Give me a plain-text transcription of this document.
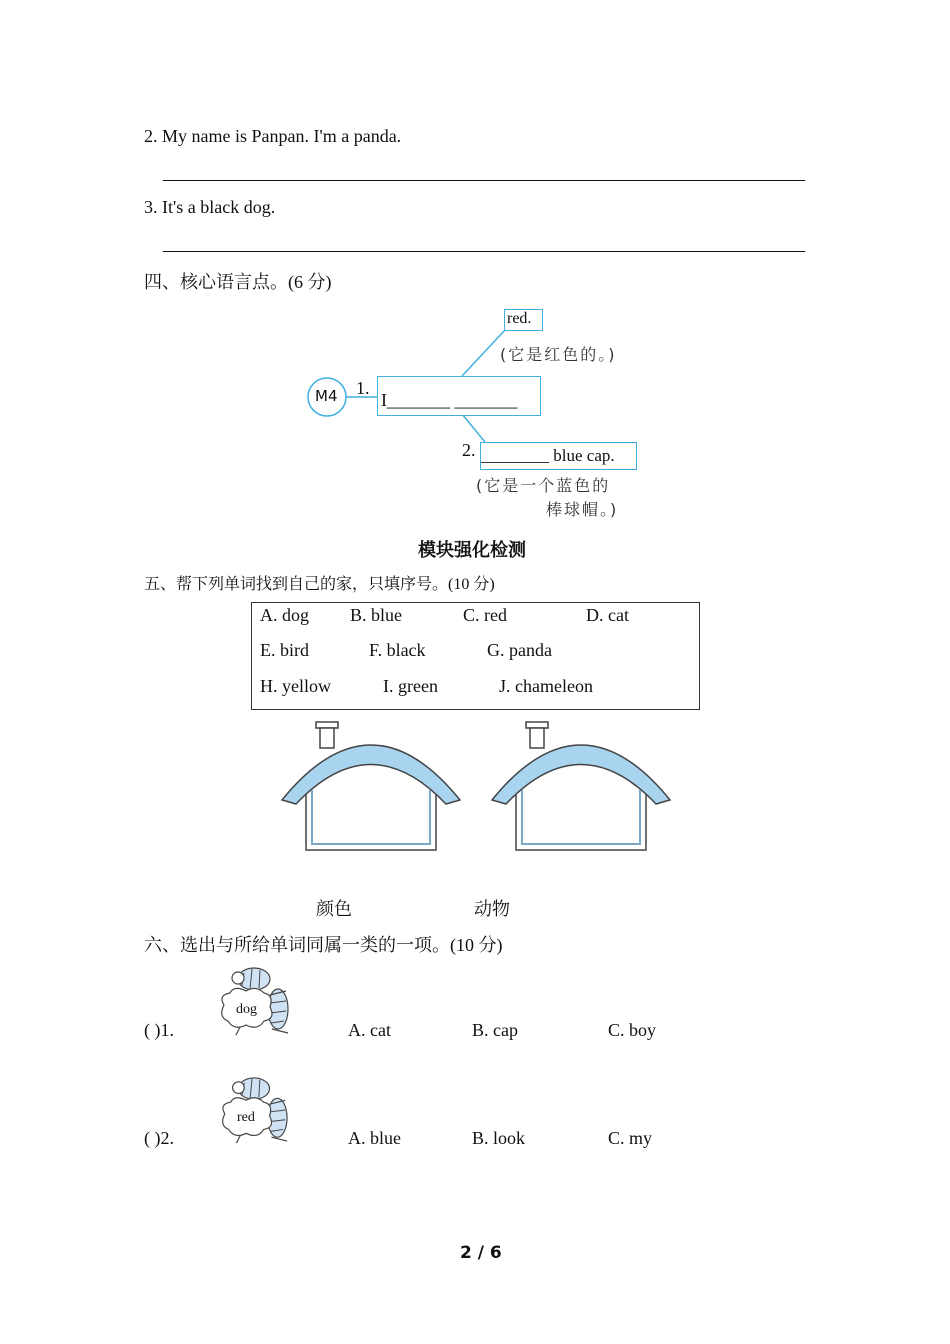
2. My name is Panpan. I'm a panda.
3. It's a black dog.
四、核心语言点。(6 分)
M4 1.
I_______ _______
red.
(它是红色的。)
2. ________ blue cap.
(它是一个蓝色的
棒球帽。)
模块强化检测
五、帮下列单词找到自己的家，只填序号。(10 分)
A. dog B. blue	C. red	D. cat
E. bird	F. black	G. panda
H. yellow	I. green	J. chameleon
颜色	动物
六、选出与所给单词同属一类的一项。(10 分)
( )1.
dog
A. cat	B. cap	C. boy
( )2.
red
A. blue	B. look	C. my
2 / 6
